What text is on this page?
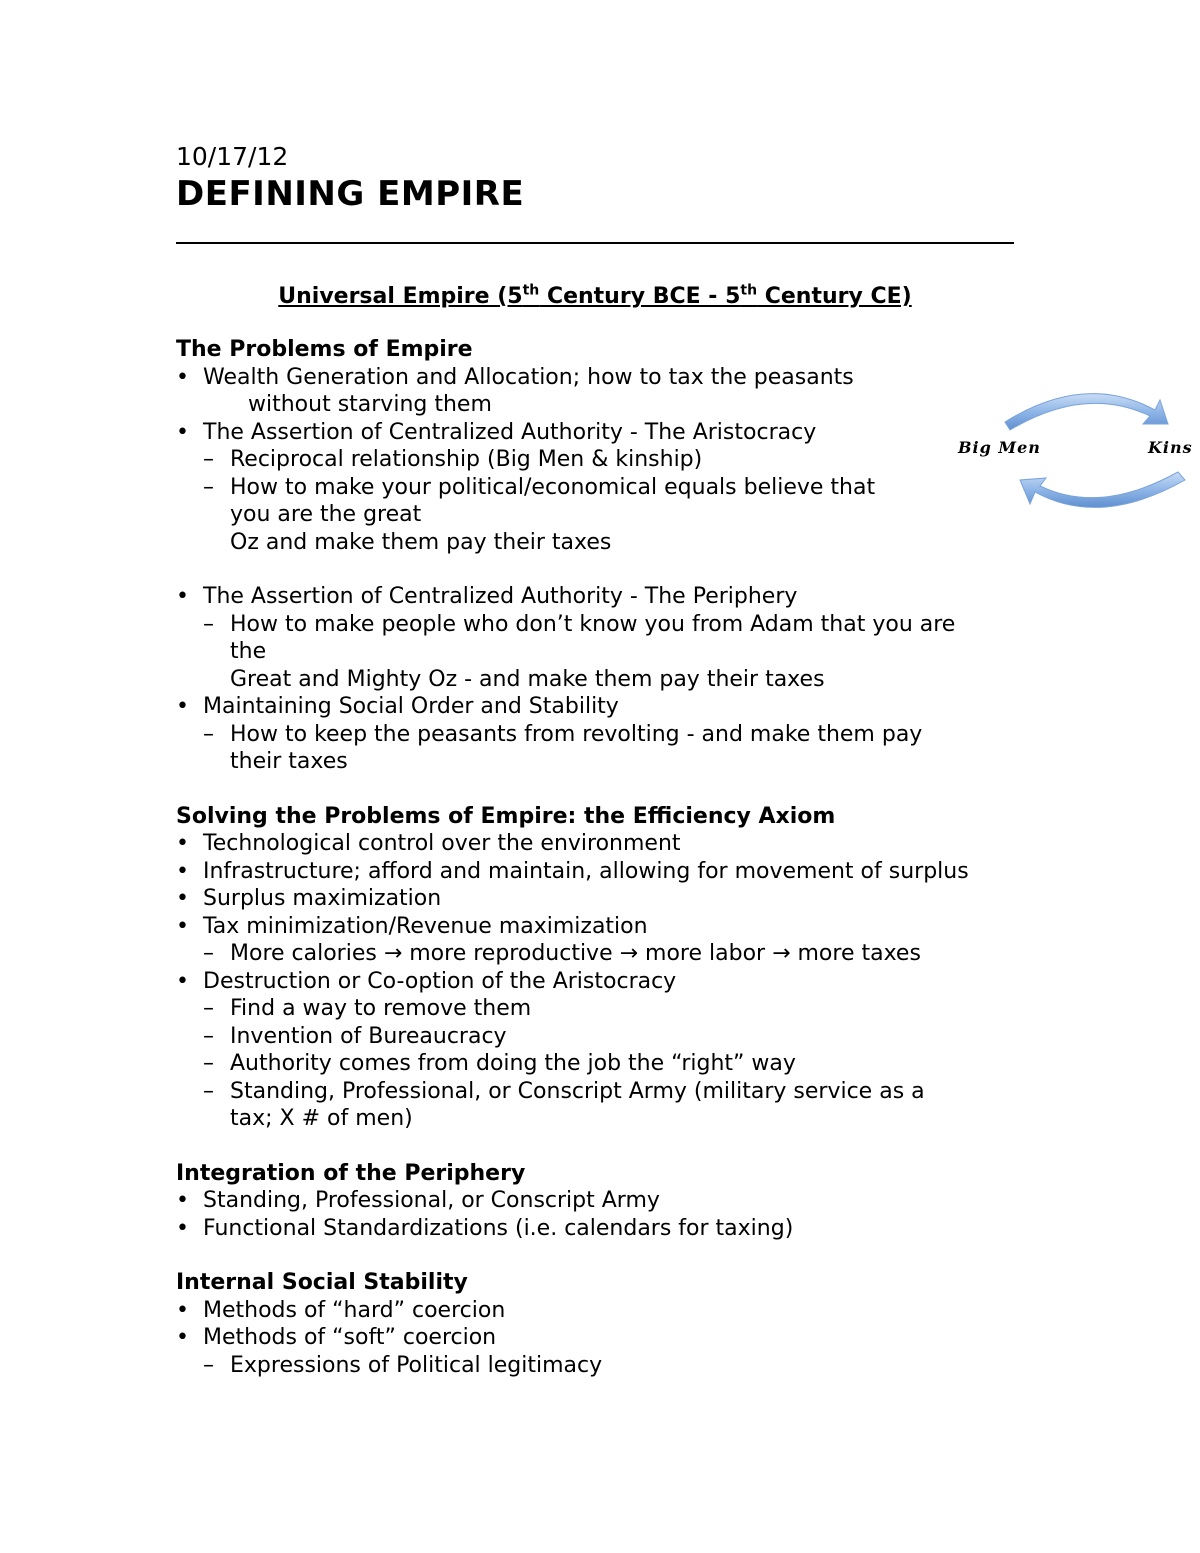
10/17/12
DEFINING EMPIRE
Universal Empire (5th Century BCE - 5th Century CE)
Big Men	Kins
The Problems of Empire
• Wealth Generation and Allocation; how to tax the peasants
without starving them
• The Assertion of Centralized Authority - The Aristocracy
– Reciprocal relationship (Big Men & kinship)
– How to make your political/economical equals believe that
you are the great
Oz and make them pay their taxes
• The Assertion of Centralized Authority - The Periphery
– How to make people who don’t know you from Adam that you are
the
Great and Mighty Oz - and make them pay their taxes
• Maintaining Social Order and Stability
– How to keep the peasants from revolting - and make them pay
their taxes
Solving the Problems of Empire: the Efficiency Axiom
• Technological control over the environment
• Infrastructure; afford and maintain, allowing for movement of surplus
• Surplus maximization
• Tax minimization/Revenue maximization
– More calories → more reproductive → more labor → more taxes
• Destruction or Co-option of the Aristocracy
– Find a way to remove them
– Invention of Bureaucracy
– Authority comes from doing the job the “right” way
– Standing, Professional, or Conscript Army (military service as a
tax; X # of men)
Integration of the Periphery
• Standing, Professional, or Conscript Army
• Functional Standardizations (i.e. calendars for taxing)
Internal Social Stability
• Methods of “hard” coercion
• Methods of “soft” coercion
– Expressions of Political legitimacy
